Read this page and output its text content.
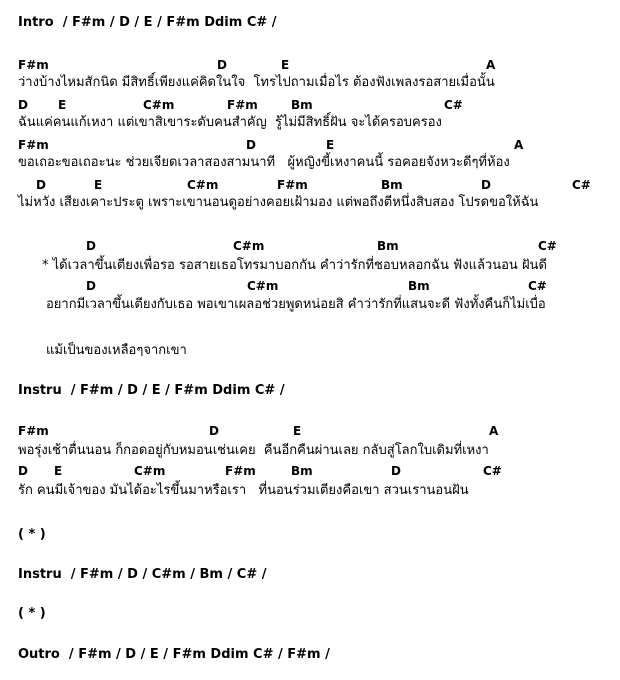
Intro  / F#m / D / E / F#m Ddim C# /
F#m	D	E	A
ว่างบ้างไหมสักนิด มีสิทธิ์เพียงแค่คิดในใจ  โทรไปถามเมื่อไร ต้องฟังเพลงรอสายเมื่อนั้น
D	E	C#m	F#m	Bm	C#
ฉันแค่คนแก้เหงา แต่เขาสิเขาระดับคนสำคัญ  รู้ไม่มีสิทธิ์ฝัน จะได้ครอบครอง
F#m	D	E	A
ขอเถอะขอเถอะนะ ช่วยเจียดเวลาสองสามนาที   ผู้หญิงขี้เหงาคนนี้ รอคอยจังหวะดีๆที่ห้อง
D	E	C#m	F#m	Bm	D	C#
ไม่หวัง เสียงเคาะประตู เพราะเขานอนดูอย่างคอยเฝ้ามอง แต่พอถึงตีหนึ่งสิบสอง โปรดขอให้ฉัน
D	C#m	Bm	C#
* ได้เวลาขึ้นเตียงเพื่อรอ รอสายเธอโทรมาบอกกัน คำว่ารักที่ชอบหลอกฉัน ฟังแล้วนอน ฝันดี
D	C#m	Bm	C#
อยากมีเวลาขึ้นเตียงกับเธอ พอเขาเผลอช่วยพูดหน่อยสิ คำว่ารักที่แสนจะดี ฟังทั้งคืนก็ไม่เบื่อ
แม้เป็นของเหลือๆจากเขา
Instru  / F#m / D / E / F#m Ddim C# /
F#m	D	E	A
พอรุ่งเช้าตื่นนอน ก็กอดอยู่กับหมอนเช่นเคย  คืนอีกคืนผ่านเลย กลับสู่โลกใบเดิมที่เหงา
D E	C#m	F#m	Bm	D	C#
รัก คนมีเจ้าของ มันได้อะไรขึ้นมาหรือเรา   ที่นอนร่วมเตียงคือเขา สวนเรานอนฝัน
( * )
Instru  / F#m / D / C#m / Bm / C# /
( * )
Outro  / F#m / D / E / F#m Ddim C# / F#m /
